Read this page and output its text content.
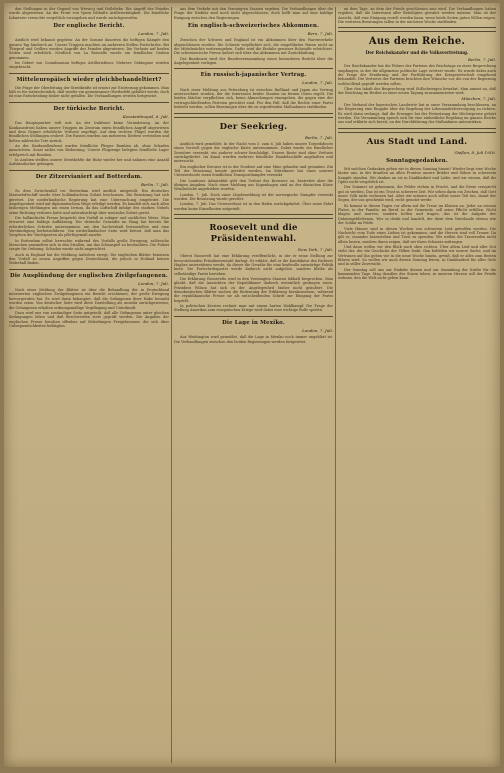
den Stellungen in der Gegend von Wervicq und Hollebeke. Ein Angriff des Feindes wurde abgewiesen. An der Front von Ypern lebhafte Artillerietätigkeit. Die feindliche Infanterie versuchte vergeblich vorzugehen und wurde zurückgeworfen.

Der englische Bericht.
London, 7. Juli.

Amtlich wird bekannt gegeben: An der Somme dauerten die heftigen Kämpfe den ganzen Tag hindurch an. Unsere Truppen machten an mehreren Stellen Fortschritte. Bei Thiepval und Ovillers wurden Angriffe des Feindes abgewiesen. Die Verluste auf beiden Seiten sind erheblich. Nördlich von La Boisselle wurde ein feindlicher Graben genommen.

Im Gebiet von Contalmaison heftiges Artilleriefeuer. Mehrere Gefangene wurden eingebracht.

Mitteleuropäisch wieder gleichbehandeltiert?

Die Frage der Oberleitung der Streitkräfte ist erneut zur Erörterung gekommen. Man hält es für wahrscheinlich, daß wieder ein gemeinsamer Oberbefehl gebildet werde, doch ist eine Entscheidung bisher nicht gefallen. Die Verhandlungen werden fortgesetzt.

Der türkische Bericht.
Konstantinopel, 6. Juli.

Das Hauptquartier teilt mit: An der Irakfront keine Veränderung. An der Kaukasusfront haben unsere Truppen im Zentrum einen feindlichen Angriff abgewiesen und dem Gegner erhebliche Verluste zugefügt. Auf dem rechten Flügel wurden die feindlichen Stellungen erobert. Die Russen wurden aus mehreren Dörfern vertrieben und ließen zahlreiche Tote zurück.

An der Dardanellenfront warfen feindliche Flieger Bomben ab, ohne Schaden anzurichten. Sonst nichts von Bedeutung. Unsere Flugzeuge belegten feindliche Lager erfolgreich mit Bomben.

In Arabien stellten unsere Streitkräfte die Ruhe wieder her und nahmen eine Anzahl Aufständischer gefangen.

Der Zitzervianiert auf Botterdam.
Berlin, 7. Juli.

Zu dem Zwischenfall vor Rotterdam wird amtlich mitgeteilt: Ein deutsches Marineluftschiff wurde über holländischem Gebiet beschossen. Die Besatzung hat sich gerettet. Die niederländische Regierung hat eine Untersuchung eingeleitet. Die Angelegenheit wird auf diplomatischem Wege erledigt werden. Es handelt sich nach allen bisherigen Meldungen um einen Irrtum, da das Luftschiff infolge des starken Nebels seine Richtung verloren hatte und unbeabsichtigt über neutrales Gebiet geriet.

Die holländische Presse bespricht den Vorfall in ruhiger und sachlicher Weise. Man erwartet eine baldige Aufklärung. Der deutsche Gesandte im Haag hat bereits die erforderlichen Schritte unternommen, um den Sachverhalt festzustellen und eine Verständigung herbeizuführen. Von niederländischer Seite wird betont, daß man das Vorgehen der Wachtposten als pflichtgemäß ansehe.

In Rotterdam selbst herrschte während des Vorfalls große Erregung; zahlreiche Menschen sammelten sich in den Straßen, um das Schauspiel zu beobachten. Die Polizei sorgte für Ordnung. Schaden wurde nicht angerichtet.

Auch in England hat die Meldung Aufsehen erregt. Die englischen Blätter benutzen den Vorfall zu neuen Angriffen gegen Deutschland, die jedoch in Holland keinen Widerhall finden.

Die Ausplündung der englischen Zivilgefangenen.
London, 7. Juli.

Nach einer Meldung der Blätter ist über die Behandlung der in Deutschland internierten englischen Zivilgefangenen ein Bericht erschienen, der große Erregung hervorgerufen hat. Es wird darin behauptet, daß die Gefangenen ihrer Habe beraubt worden seien. Von deutscher Seite wird diese Darstellung als unwahr zurückgewiesen; die Gefangenen erhalten ordnungsmäßige Verpflegung und Unterkunft.

Dazu wird uns von zuständiger Seite mitgeteilt, daß alle Gefangenen unter gleichen Bedingungen leben und daß Beschwerden stets geprüft werden. Die Angaben der englischen Presse beruhen offenbar auf Mitteilungen Freigelassener, die sich über Unbequemlichkeiten beklagten.

aus dem Verkehr mit den Vereinigten Staaten ergeben. Die Verhandlungen über die Frage der Einfuhr sind noch nicht abgeschlossen, doch hofft man auf eine baldige Einigung zwischen den Regierungen.

Ein englisch-schweizerisches Abkommen.
Bern, 7. Juli.

Zwischen der Schweiz und England ist ein Abkommen über den Warenverkehr abgeschlossen worden. Die Schweiz verpflichtet sich, die eingeführten Waren nicht an die Mittelmächte weiterzugeben. Dafür wird die Einfuhr gewisser Rohstoffe erleichtert. Die schweizerische Presse äußert sich über das Abkommen mit Zurückhaltung.

Der Bundesrat wird der Bundesversammlung einen besonderen Bericht über die Angelegenheit vorlegen.

Ein russisch-japanischer Vertrag.
London, 7. Juli.

Nach einer Meldung aus Petersburg ist zwischen Rußland und Japan ein Vertrag unterzeichnet worden, der die Interessen beider Staaten im fernen Osten regelt. Die beiden Mächte verpflichten sich, keine Abmachungen einzugehen, die gegen eine der vertragschließenden Parteien gerichtet sind. Für den Fall, daß die Rechte einer Partei bedroht werden, sollen Beratungen über die zu ergreifenden Maßnahmen stattfinden.

Der Seekrieg.
Berlin, 7. Juli.

Amtlich wird gemeldet: In der Nacht vom 5. zum 6. Juli haben unsere Torpedoboote einen Vorstoß gegen die englische Küste unternommen. Dabei wurde ein feindlicher Zerstörer versenkt, ein anderer schwer beschädigt. Unsere Boote sind ohne Verluste zurückgekehrt. Im Kanal wurden mehrere feindliche Handelsschiffe angehalten und untersucht.

Ein englischer Kreuzer ist in der Nordsee auf eine Mine gelaufen und gesunken. Ein Teil der Besatzung konnte gerettet werden. Im Mittelmeer hat eines unserer Unterseeboote einen feindlichen Transportdampfer versenkt.

Die Londoner Admiralität gibt den Verlust des Kreuzers zu, bestreitet aber die übrigen Angaben. Nach einer Meldung aus Kopenhagen sind an der dänischen Küste Wrackstücke angetrieben worden.

London, 7. Juli. Nach einer Lloydsmeldung ist der norwegische Dampfer versenkt worden. Die Besatzung wurde gerettet.

London, 7. Juli. Das Unterseeboot ist in den Hafen zurückgekehrt. Über seine Fahrt werden keine Einzelheiten mitgeteilt.

Roosevelt und die Präsidentenwahl.
New York, 7. Juli.

Oberst Roosevelt hat eine Erklärung veröffentlicht, in der er seine Stellung zur bevorstehenden Präsidentenwahl darlegt. Er erklärt, daß er die Kandidatur des Richters Hughes unterstützen werde, da dieser die Gewähr für eine kraftvolle auswärtige Politik biete. Die Fortschrittspartei werde dadurch nicht aufgelöst, sondern bleibe als selbständige Partei bestehen.

Die Erklärung Roosevelts wird in den Vereinigten Staaten lebhaft besprochen. Man glaubt, daß die Aussichten der Republikaner dadurch wesentlich gestiegen seien. Präsident Wilson hat sich zu der Angelegenheit bisher nicht geäußert. Die demokratischen Blätter suchen die Bedeutung der Erklärung herabzusetzen, während die republikanische Presse sie als entscheidenden Schritt zur Einigung der Partei begrüßt.

In politischen Kreisen rechnet man mit einem harten Wahlkampf. Die Frage der Stellung Amerikas zum europäischen Kriege wird dabei eine wichtige Rolle spielen.

Die Lage in Mexiko.
London, 7. Juli.

Aus Washington wird gemeldet, daß die Lage in Mexiko noch immer ungeklärt ist. Die Verhandlungen zwischen den beiden Regierungen werden fortgesetzt.

an dem Tage, an dem der Friede geschlossen sein wird. Die Verhandlungen haben ergeben, daß die Interessen aller Beteiligten gewahrt werden müssen. Man ist der Ansicht, daß eine Einigung erzielt werden kann, wenn beide Seiten guten Willen zeigen. Die weiteren Beratungen sollen in der nächsten Woche stattfinden.

Aus dem Reiche.
Der Reichskanzler und die Volksvertretung.
Berlin, 7. Juli.

Der Reichskanzler hat die Führer der Parteien des Reichstags zu einer Besprechung empfangen, in der die allgemeine politische Lage erörtert wurde. Es wurde dabei auch die Frage der Ernährung und der Fortführung der Kriegswirtschaft eingehend behandelt. Die Vertreter der Parteien brachten ihre Wünsche vor, die von der Regierung wohlwollend geprüft werden sollen.

Über den Inhalt der Besprechung wird Stillschweigen bewahrt. Man nimmt an, daß der Reichstag im Herbst zu einer neuen Tagung zusammentreten wird.

München, 7. Juli.

Der Verband der bayerischen Landwirte hat in einer Versammlung beschlossen, an die Regierung eine Eingabe über die Regelung der Lebensmittelversorgung zu richten. Es wird darin verlangt, daß die Erzeuger bei der Festsetzung der Höchstpreise gehört werden. Die Versammlung sprach sich für eine einheitliche Regelung im ganzen Reiche aus und erklärte sich bereit, an der Durchführung der Maßnahmen mitzuwirken.

Aus Stadt und Land.
Gießen, 8. Juli 1916.
Sonntagsgedanken.

Mit welchen Gedanken gehen wir in diesen Sonntag hinein? Wieder liegt eine Woche hinter uns, in der draußen an allen Fronten unsere Brüder und Söhne in schwerem Kampfe standen. Wir denken an sie in Dankbarkeit und Liebe, und wir wissen, daß ihr Opfer nicht vergeblich ist.

Der Sommer ist gekommen, die Felder stehen in Frucht, und die Ernte verspricht gut zu werden. Das ist ein Trost in schwerer Zeit. Wir sehen darin ein Zeichen, daß Gott unser Volk nicht verlassen hat. Aber wir müssen auch selbst unser Teil tun, damit der Segen, der uns geschenkt wird, recht genutzt werde.

Es kommt in diesen Tagen vor allem auf die Treue im Kleinen an. Jeder an seinem Platze, in der Familie, im Beruf, in der Gemeinde, soll seine Pflicht erfüllen. Nicht klagen und murren, sondern helfen und tragen, das ist die Aufgabe der Daheimgebliebenen. Wer so denkt und handelt, der dient dem Vaterlande ebenso wie der Soldat im Felde.

Viele Häuser sind in diesen Wochen von schwerem Leid getroffen worden. Die Nachricht vom Tode eines Lieben ist gekommen, und die Herzen sind voll Trauer. Da gilt es, einander beizustehen und Trost zu spenden. Wir wollen die Trauernden nicht allein lassen, sondern ihnen zeigen, daß wir ihren Schmerz mittragen.

Und dann wollen wir den Blick nach oben richten. Über allem Leid und aller Not steht der, der die Geschicke der Völker lenkt. Ihm befehlen wir unsere Sache, und im Vertrauen auf ihn gehen wir in die neue Woche hinein, gewiß, daß er alles zum Besten führen wird. So wollen wir auch diesen Sonntag feiern, in Dankbarkeit für alles Gute und in stiller Zuversicht.

Der Sonntag soll uns zur Einkehr dienen und zur Sammlung der Kräfte für die kommenden Tage. Mag draußen der Sturm toben, in unseren Herzen soll der Friede wohnen, den die Welt nicht geben kann.
